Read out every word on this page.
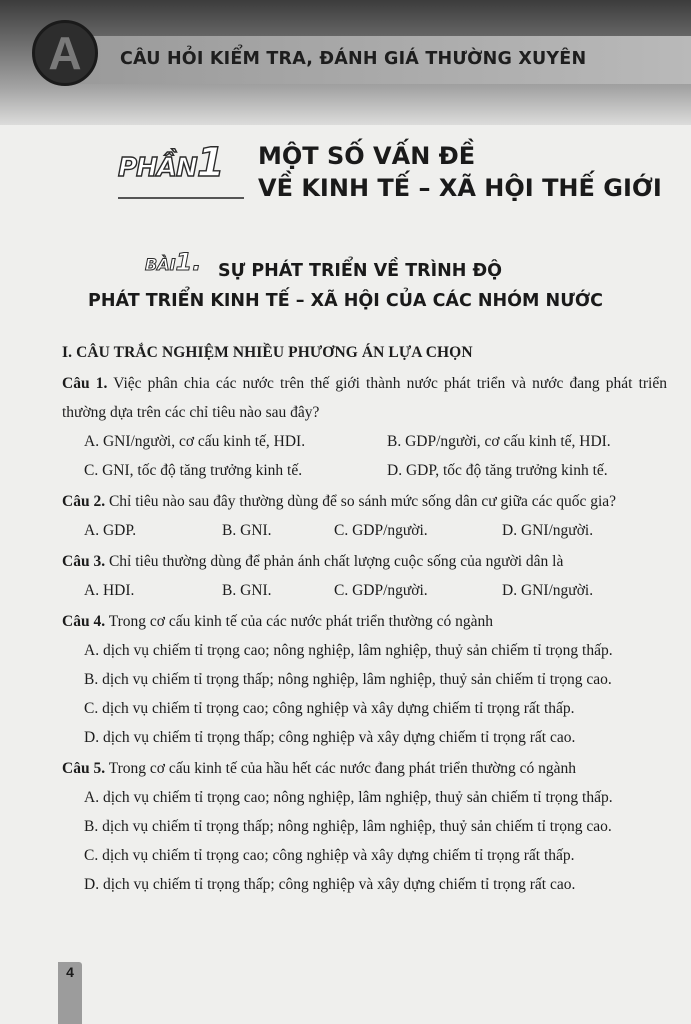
A CÂU HỎI KIỂM TRA, ĐÁNH GIÁ THƯỜNG XUYÊN
PHẦN1 MỘT SỐ VẤN ĐỀ
VỀ KINH TẾ – XÃ HỘI THẾ GIỚI
BÀI1. SỰ PHÁT TRIỂN VỀ TRÌNH ĐỘ
PHÁT TRIỂN KINH TẾ – XÃ HỘI CỦA CÁC NHÓM NƯỚC
I. CÂU TRẮC NGHIỆM NHIỀU PHƯƠNG ÁN LỰA CHỌN
Câu 1. Việc phân chia các nước trên thế giới thành nước phát triển và nước đang phát triển thường dựa trên các chỉ tiêu nào sau đây?
A. GNI/người, cơ cấu kinh tế, HDI.	B. GDP/người, cơ cấu kinh tế, HDI.
C. GNI, tốc độ tăng trưởng kinh tế.	D. GDP, tốc độ tăng trưởng kinh tế.
Câu 2. Chỉ tiêu nào sau đây thường dùng để so sánh mức sống dân cư giữa các quốc gia?
A. GDP.	B. GNI.	C. GDP/người.	D. GNI/người.
Câu 3. Chỉ tiêu thường dùng để phản ánh chất lượng cuộc sống của người dân là
A. HDI.	B. GNI.	C. GDP/người.	D. GNI/người.
Câu 4. Trong cơ cấu kinh tế của các nước phát triển thường có ngành
A. dịch vụ chiếm tỉ trọng cao; nông nghiệp, lâm nghiệp, thuỷ sản chiếm tỉ trọng thấp.
B. dịch vụ chiếm tỉ trọng thấp; nông nghiệp, lâm nghiệp, thuỷ sản chiếm tỉ trọng cao.
C. dịch vụ chiếm tỉ trọng cao; công nghiệp và xây dựng chiếm tỉ trọng rất thấp.
D. dịch vụ chiếm tỉ trọng thấp; công nghiệp và xây dựng chiếm tỉ trọng rất cao.
Câu 5. Trong cơ cấu kinh tế của hầu hết các nước đang phát triển thường có ngành
A. dịch vụ chiếm tỉ trọng cao; nông nghiệp, lâm nghiệp, thuỷ sản chiếm tỉ trọng thấp.
B. dịch vụ chiếm tỉ trọng thấp; nông nghiệp, lâm nghiệp, thuỷ sản chiếm tỉ trọng cao.
C. dịch vụ chiếm tỉ trọng cao; công nghiệp và xây dựng chiếm tỉ trọng rất thấp.
D. dịch vụ chiếm tỉ trọng thấp; công nghiệp và xây dựng chiếm tỉ trọng rất cao.
4
